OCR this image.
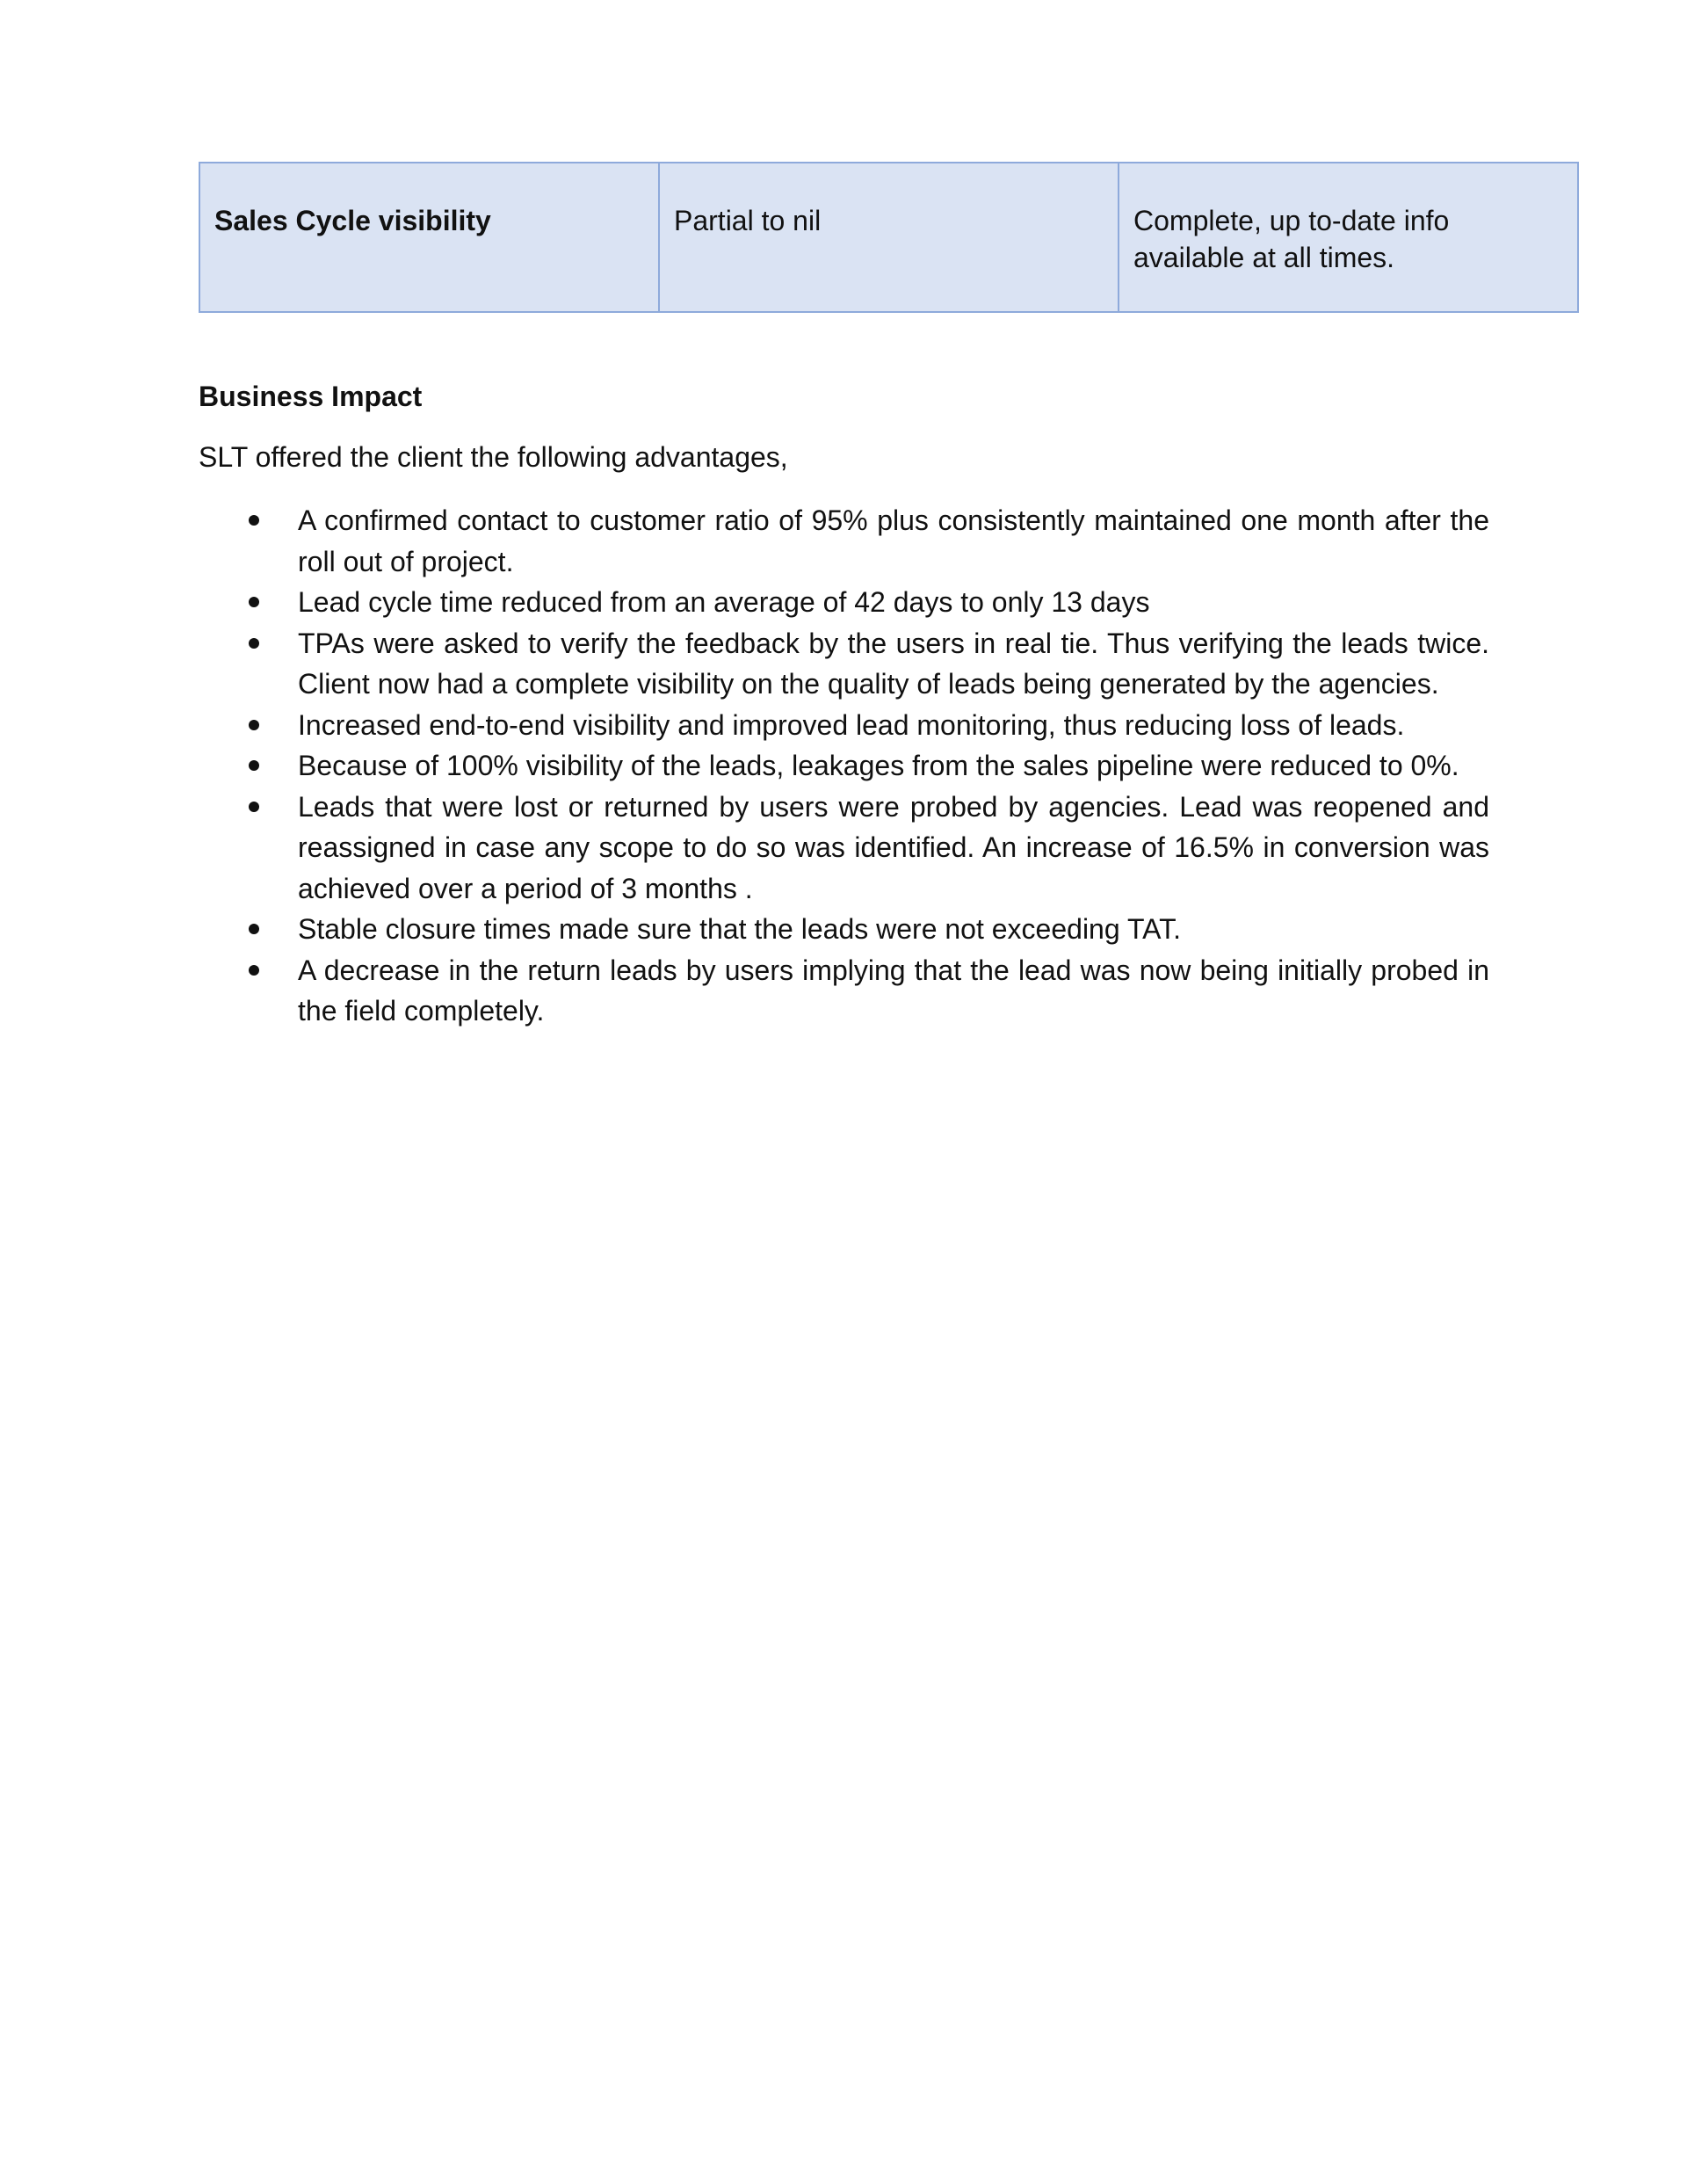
Sales Cycle visibility	Partial to nil	Complete, up to-date info available at all times.
Business Impact

SLT offered the client the following advantages,

A confirmed contact to customer ratio of 95% plus consistently maintained one month after the roll out of project.
Lead cycle time reduced from an average of 42 days to only 13 days
TPAs were asked to verify the feedback by the users in real tie. Thus verifying the leads twice. Client now had a complete visibility on the quality of leads being generated by the agencies.
Increased end-to-end visibility and improved lead monitoring, thus reducing loss of leads.
Because of 100% visibility of the leads, leakages from the sales pipeline were reduced to 0%.
Leads that were lost or returned by users were probed by agencies. Lead was reopened and reassigned in case any scope to do so was identified. An increase of 16.5% in conversion was achieved over a period of 3 months .
Stable closure times made sure that the leads were not exceeding TAT.
A decrease in the return leads by users implying that the lead was now being initially probed in the field completely.
